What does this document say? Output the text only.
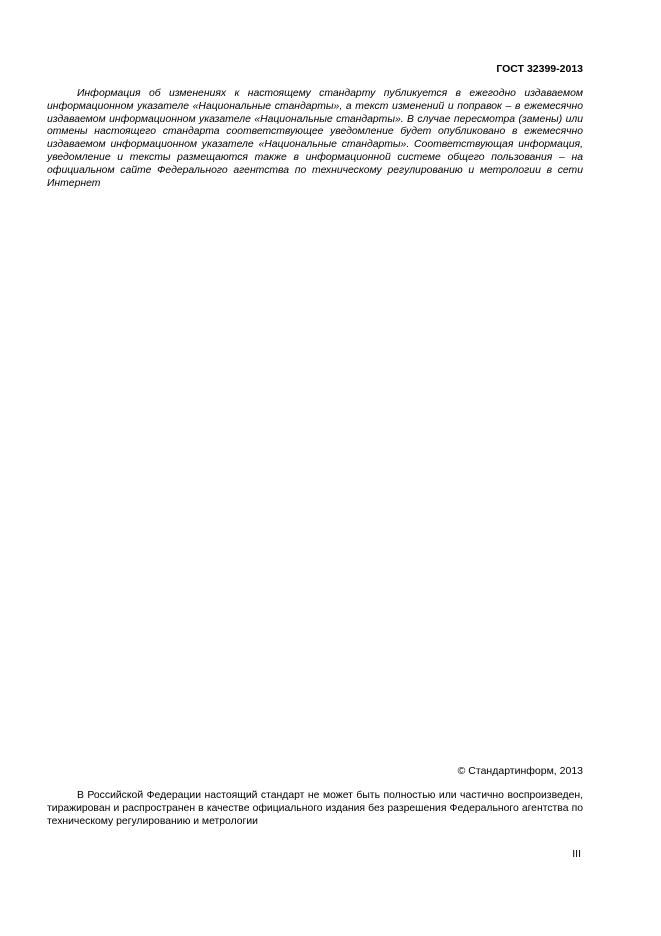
ГОСТ 32399-2013

Информация об изменениях к настоящему стандарту публикуется в ежегодно издаваемом информационном указателе «Национальные стандарты», а текст изменений и поправок – в ежемесячно издаваемом информационном указателе «Национальные стандарты». В случае пересмотра (замены) или отмены настоящего стандарта соответствующее уведомление будет опубликовано в ежемесячно издаваемом информационном указателе «Национальные стандарты». Соответствующая информация, уведомление и тексты размещаются также в информационной системе общего пользования – на официальном сайте Федерального агентства по техническому регулированию и метрологии в сети Интернет

© Стандартинформ, 2013

В Российской Федерации настоящий стандарт не может быть полностью или частично воспроизведен, тиражирован и распространен в качестве официального издания без разрешения Федерального агентства по техническому регулированию и метрологии

III
